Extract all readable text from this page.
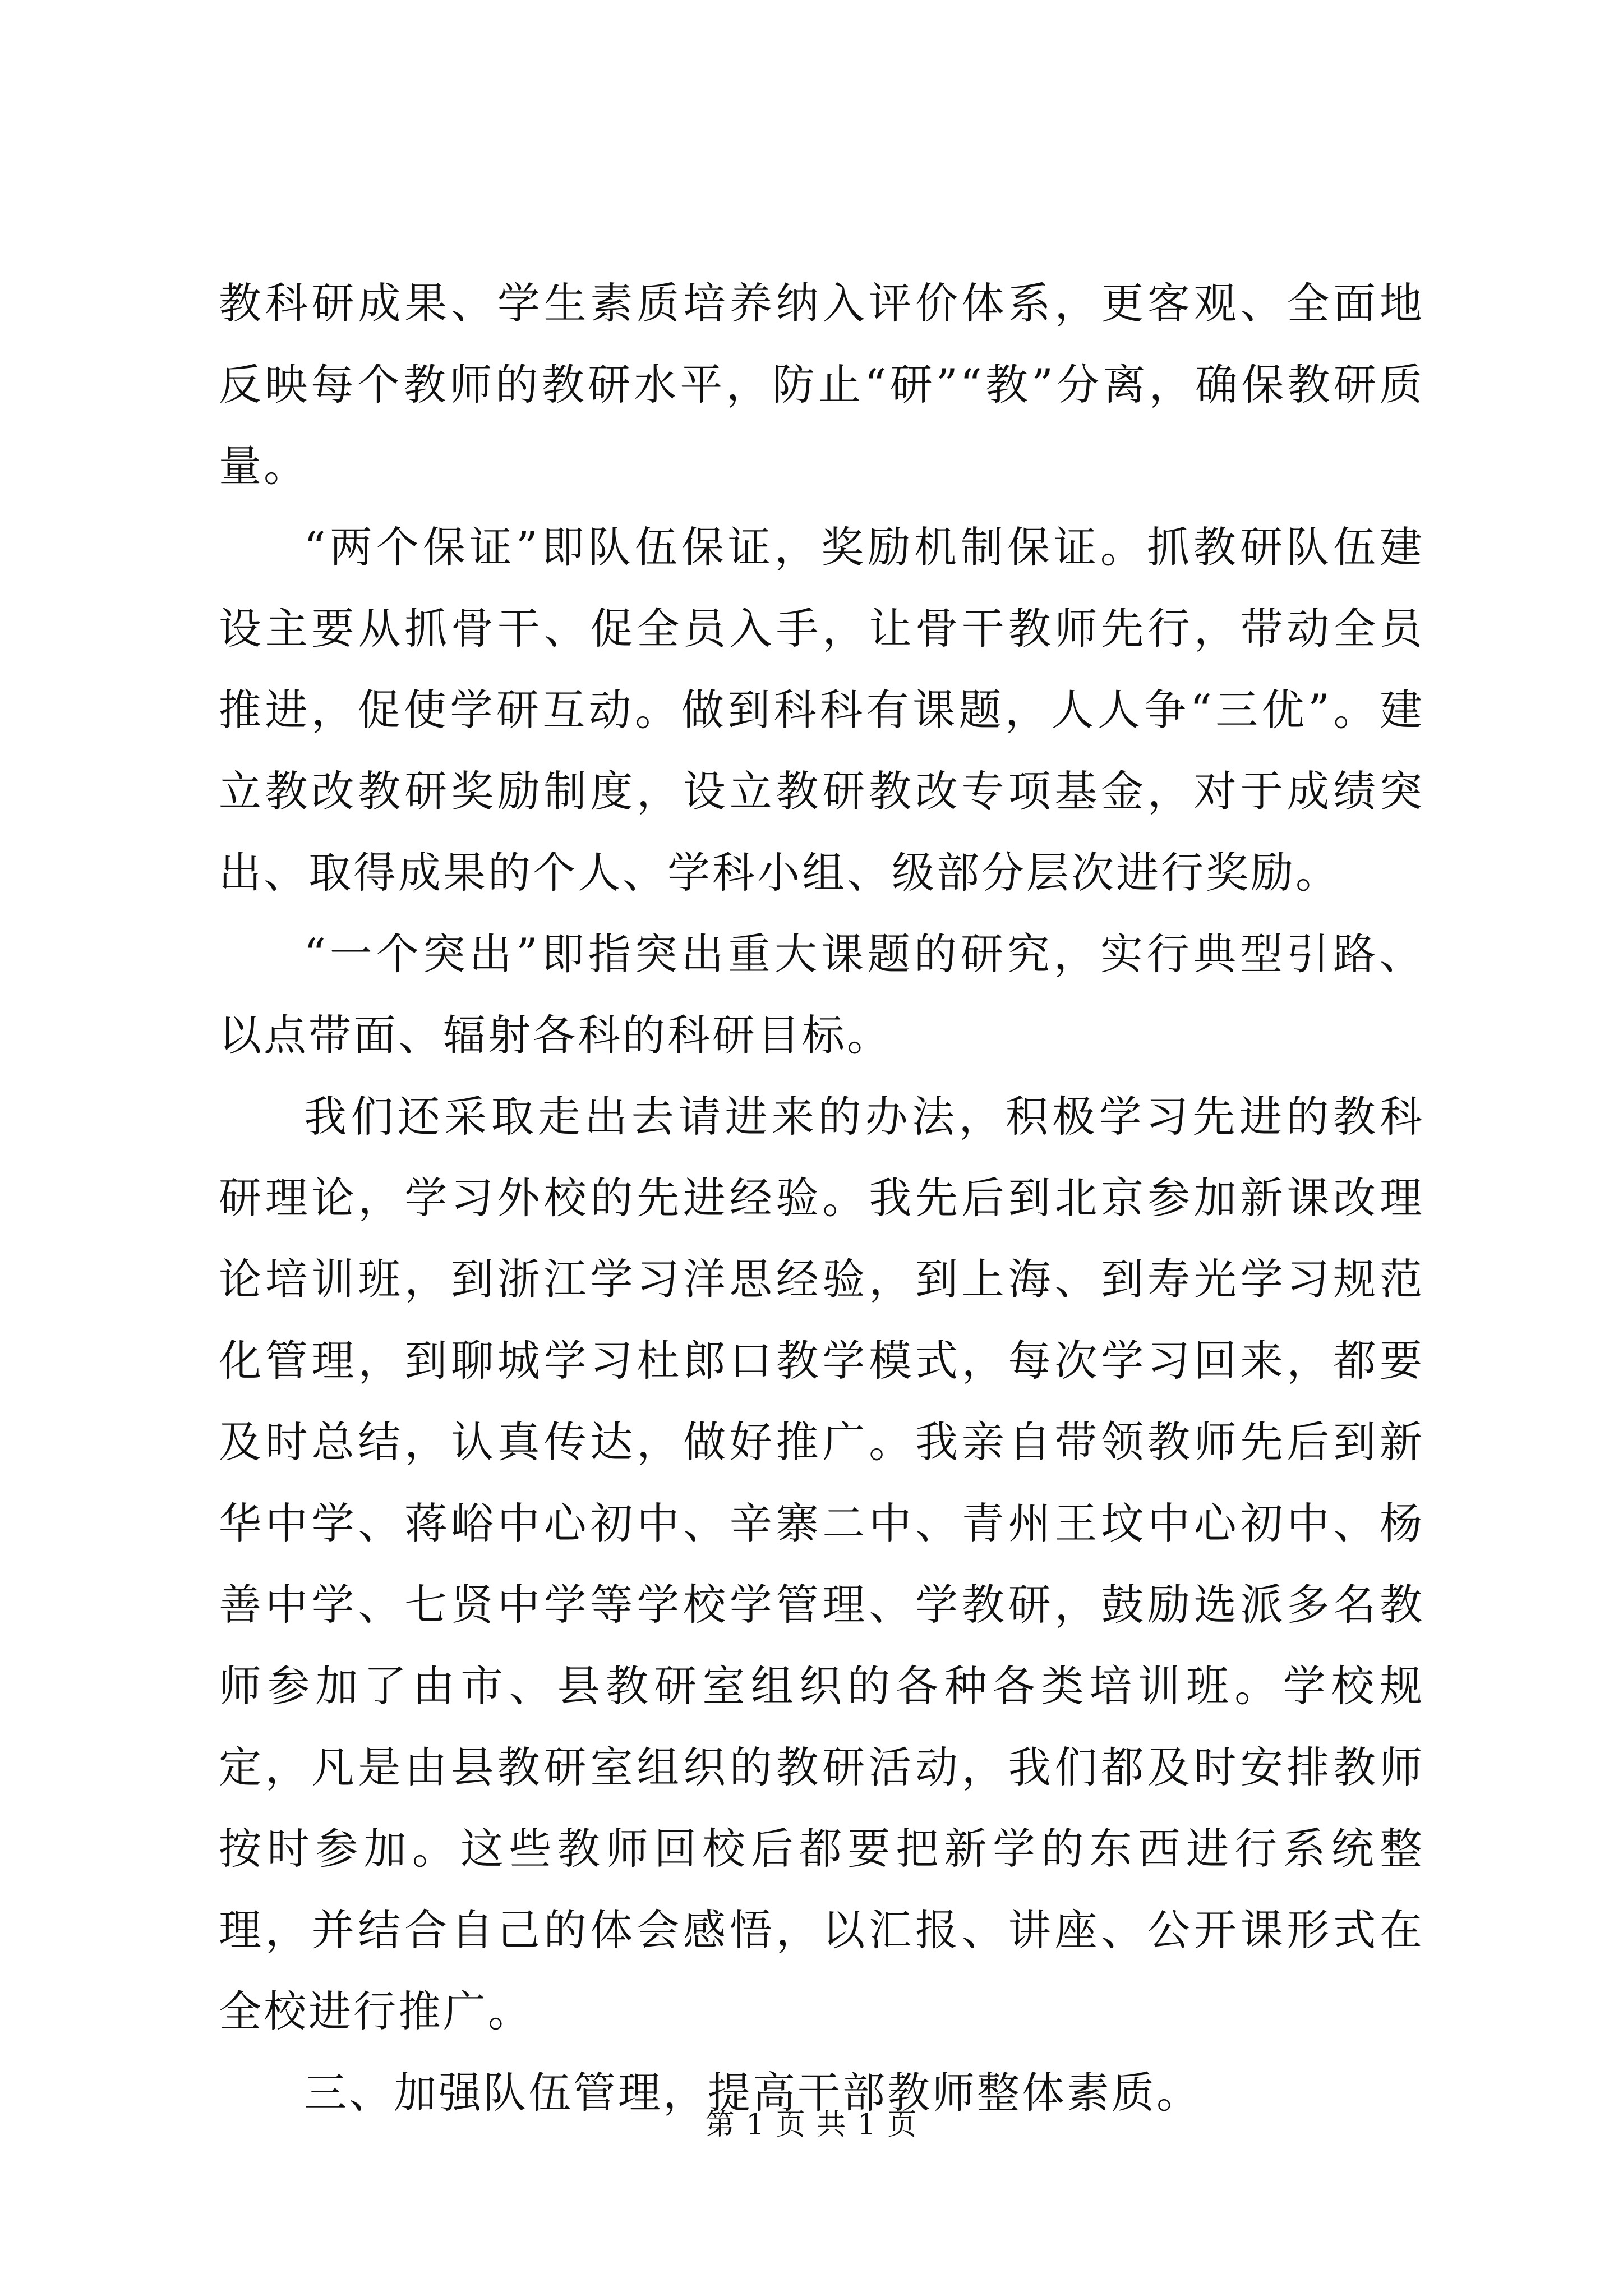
教科研成果、学生素质培养纳入评价体系，更客观、全面地反映每个教师的教研水平，防止“研”“教”分离，确保教研质量。

“两个保证”即队伍保证，奖励机制保证。抓教研队伍建设主要从抓骨干、促全员入手，让骨干教师先行，带动全员推进，促使学研互动。做到科科有课题，人人争“三优”。建立教改教研奖励制度，设立教研教改专项基金，对于成绩突出、取得成果的个人、学科小组、级部分层次进行奖励。

“一个突出”即指突出重大课题的研究，实行典型引路、以点带面、辐射各科的科研目标。

我们还采取走出去请进来的办法，积极学习先进的教科研理论，学习外校的先进经验。我先后到北京参加新课改理论培训班，到浙江学习洋思经验，到上海、到寿光学习规范化管理，到聊城学习杜郎口教学模式，每次学习回来，都要及时总结，认真传达，做好推广。我亲自带领教师先后到新华中学、蒋峪中心初中、辛寨二中、青州王坟中心初中、杨善中学、七贤中学等学校学管理、学教研，鼓励选派多名教师参加了由市、县教研室组织的各种各类培训班。学校规定，凡是由县教研室组织的教研活动，我们都及时安排教师按时参加。这些教师回校后都要把新学的东西进行系统整理，并结合自己的体会感悟，以汇报、讲座、公开课形式在全校进行推广。

三、加强队伍管理，提高干部教师整体素质。

第 1 页 共 1 页
